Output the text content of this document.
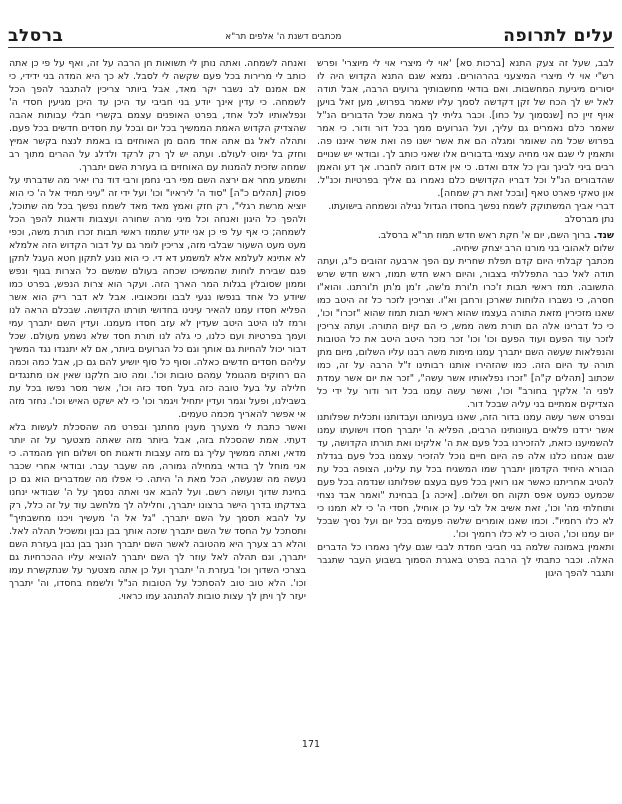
עלים לתרופה
מכתבים דשנת ה' אלפים תר"א
ברסלב

לבב, שעל זה צעק התנא [ברכות סא] 'אוי לי מיצרי אוי לי מיוצרי' ופרש רש"י אוי לי מיצרי המיצעני בהרהורים. נמצא שגם התנא הקדוש היה לו יסורים מיגיעת המחשבות. ואם בודאי מחשבותיך גרועים הרבה, אבל תודה לאל יש לך הכח של זקן דקדשה לסמך עליו שאמר בפרוש, מען זאל בויען אויף זיין כח [שנסמוך על כחו]. וכבר גליתי לך באמת שכל הדבורים הנ"ל שאמר כלם נאמרים גם עליך, ועל הגרועים ממך בכל דור ודור. כי אמר בפרוש שכל מה שאומר ומגלה הם את אשר ישנו פה ואת אשר איננו פה. ותאמין לי שגם אני מחיה עצמי בדבורים אלו שאני כותב לך. ובודאי יש שנויים רבים ביני לבינך ובין כל אדם ואדם. כי אין אדם דומה לחברו. אך דע והאמן שהדבורים הנ"ל וכל דבריו הקדושים כלם נאמרו גם אליך בפרטיות וכנ"ל. און טאקי פארט טאף [ובכל זאת רק שמחה].

דברי אביך המשתוקק לשמח נפשך בחסדו הגדול נגילה ונשמחה בישועתו.

נתן מברסלב

שנד. ברוך השם, יום א' חקת ראש חדש תמוז תר"א ברסלב.

שלום לאהובי בני מורנו הרב יצחק שיחיה.

מכתבך קבלתי היום קדם תפלת שחרית עם הפך ארבעה זהובים כ"ג, ועתה תודה לאל כבר התפללתי בצבור, והיום ראש חדש תמוז, ראש חדש שרש התשובה. תמז ראשי תבות ז'כרו ת'ורת מ'שה, ז'מן מ'תן ת'ורתנו. והוא"ו חסרה, כי נשברו הלוחות שארכן ורחבן וא"ו. וצריכין לזכר כל זה היטב כמו שאנו מזכירין מזאת התורה בעצמו שהוא ראשי תבות תמוז שהוא "זכרו" וכו', כי כל דברינו אלה הם תורת משה ממש, כי הם קיום התורה. ועתה צריכין לזכר עוד הפעם ועוד הפעם וכו' וכו' זכר נזכר היטב היטב את כל הטובות והנפלאות שעשה השם יתברך עמנו מימות משה רבנו עליו השלום, מיום מתן תורה עד היום הזה. כמו שהזהירו אותנו רבותינו ז"ל הרבה על זה, כמו שכתוב [תהלים ק"ה] "זכרו נפלאותיו אשר עשה", "זכר את יום אשר עמדת לפני ה' אלקיך בחורב" וכו', ואשר עשה עמנו בכל דור ודור על ידי כל הצדיקים אמתיים בני עליה שבכל דור.

ובפרט אשר עשה עמנו בדור הזה, שאנו בעניותנו ועבדותנו ותכלית שפלותנו אשר ירדנו פלאים בעוונותינו הרבים, הפליא ה' יתברך חסדו וישועתו עמנו להשמיענו כזאת, להזכירנו בכל פעם את ה' אלקינו ואת תורתו הקדושה, עד שגם אנחנו כלנו אלה פה היום חיים נוכל להזכיר עצמנו בכל פעם בגדלת הבורא היחיד הקדמון יתברך שמו המשגיח בכל עת עלינו, הצופה בכל עת להטיב אחריתנו כאשר אנו רואין בכל פעם בעצם שפלותנו שנדמה בכל פעם שכמעט כמעט אפס תקוה חס ושלום. [איכה ג] בבחינת "ואמר אבד נצחי ותוחלתי מה' וכו', זאת אשיב אל לבי על כן אוחיל, חסדי ה' כי לא תמנו כי לא כלו רחמיו". וכמו שאנו אומרים שלשה פעמים בכל יום ועל נסיך שבכל יום עמנו וכו', הטוב כי לא כלו רחמיך וכו'.

ותאמין באמונה שלמה בני חביבי חמדת לבבי שגם עליך נאמרו כל הדברים האלה. וכבר כתבתי לך הרבה בפרט באגרת הסמוך בשבוע העבר שתגבר ותגבר להפך היגון

ואנחה לשמחה. ואתה נותן לי תשואות חן הרבה על זה, ואף על פי כן אתה כותב לי מרירות בכל פעם שקשה לי לסבל. לא כך היא המדה בני ידידי, כי אם אמנם לב נשבר יקר מאד, אבל ביותר צריכין להתגבר להפך הכל לשמחה. כי עדין אינך יודע בני חביבי עד היכן עד היכן מגיעין חסדי ה' ונפלאותיו לכל אחד, בפרט האופנים עצמם בקשרי חבלי עבותות אהבה שהצדיק הקדוש האמת הממשיך בכל יום ובכל עת חסדים חדשים בכל פעם. ותהלה לאל גם אתה אחד מהם מן האוחזים בו באמת לנצח בקשר אמיץ וחזק בל ימוט לעולם. ועתה יש לך רק לרקד ולדלג על ההרים מתוך רב שמחה שזכית להמנות עם האוחזים בו בעזרת השם יתברך.

ותשמע מחר אם ירצה השם מפי רבי נחמן ורבי דוד נרו יאיר מה שדברתי על פסוק [תהלים כ"ה] "סוד ה' ליראיו" וכו' ועל ידי זה "עיני תמיד אל ה' כי הוא יוציא מרשת רגלי", רק חזק ואמץ מאד מאד לשמח נפשך בכל מה שתוכל, ולהפך כל היגון ואנחה וכל מיני מרה שחורה ועצבות ודאגות להפך הכל לשמחה; כי אף על פי כן אני יודע שתמוז ראשי תבות זכרו תורת משה, וכפי מעט מעט השעור שבלבי מזה, צריכין לומר גם על דבור הקדוש הזה אלמלא לא אתינא לעלמא אלא למשמע דא די. כי הוא נוגע לתקון חטא העגל לתקן פגם שבירת לוחות שהמשיכו שכחה בעולם שמשם כל הצרות בגוף ונפש וממון שסובלין בגלות המר הארך הזה. ועקר הוא צרות הנפש, בפרט כמו שיודע כל אחד בנפשו נגעי לבבו ומכאוביו. אבל לא דבר ריק הוא אשר הפליא חסדו עמנו להאיר עינינו בחדושי תורתו הקדושה. שבכלם הראה לנו ורמז לנו היטב היטב שעדין לא עזב חסדו מעמנו. ועדין השם יתברך עמי ועמך בפרטיות ועם כלנו, כי גלה לנו תורת חסד שלא נשמע מעולם. שכל דבור יכול להחיות גם אותך וגם כל הגרועים ביותר, אם לא יתנגדו נגד המשיך עליהם חסדים חדשים כאלה. וסוף כל סוף יושיע להם גם כן, אבל כמה וכמה הם רחוקים מהגומל עמהם טובות וכו'. ומה טוב חלקנו שאין אנו מתנגדים חלילה על בעל טובה כזה בעל חסד כזה וכו', אשר מסר נפשו בכל עת בשבילנו, ופעל וגמר ועדין יתחיל ויגמר וכו' כי לא ישקט האיש וכו'. נחזר מזה אי אפשר להאריך מכמה טעמים.

ואשר כתבת לי מצערך מענין מחתנך ובפרט מה שהסכלת לעשות בלא דעתי. אמת שהסכלת בזה, אבל ביותר מזה שאתה מצטער על זה יותר מדאי, ואתה ממשיך עליך גם מזה עצבות ודאגות חס ושלום חוץ מהמדה. כי אני מוחל לך בודאי במחילה גמורה, מה שעבר עבר. ובודאי אחרי שכבר נעשה מה שנעשה, הכל מאת ה' היתה. כי אפלו מה שמדברים הוא גם כן בחינת שדוך ועושה רשם. ועל להבא אני ואתה נסמך על ה' שבודאי ינחנו בצדקתו בדרך הישר ברצונו יתברך, וחלילה לך מלחשב עוד על זה כלל, רק על להבא תסמך על השם יתברך. "גל אל ה' מעשיך ויכנו מחשבתיך" ותסתכל על החסד של השם יתברך שזכה אותך בבן נבון ומשכיל תהלה לאל. והלא רב צערך היא מהטובה לאשר השם יתברך חננך בבן נבון בעזרת השם יתברך, וגם תהלה לאל עוזר לך השם יתברך להוציא עליו ההכרחיות גם בצרכי השדוך וכו' בעזרת ה' יתברך ועל כן אתה מצטער על שנתקשרת עמו וכו'. הלא טוב טוב להסתכל על הטובות הנ"ל ולשמח בחסדו, וה' יתברך יעזר לך ויתן לך עצות טובות להתנהג עמו כראוי.

171
